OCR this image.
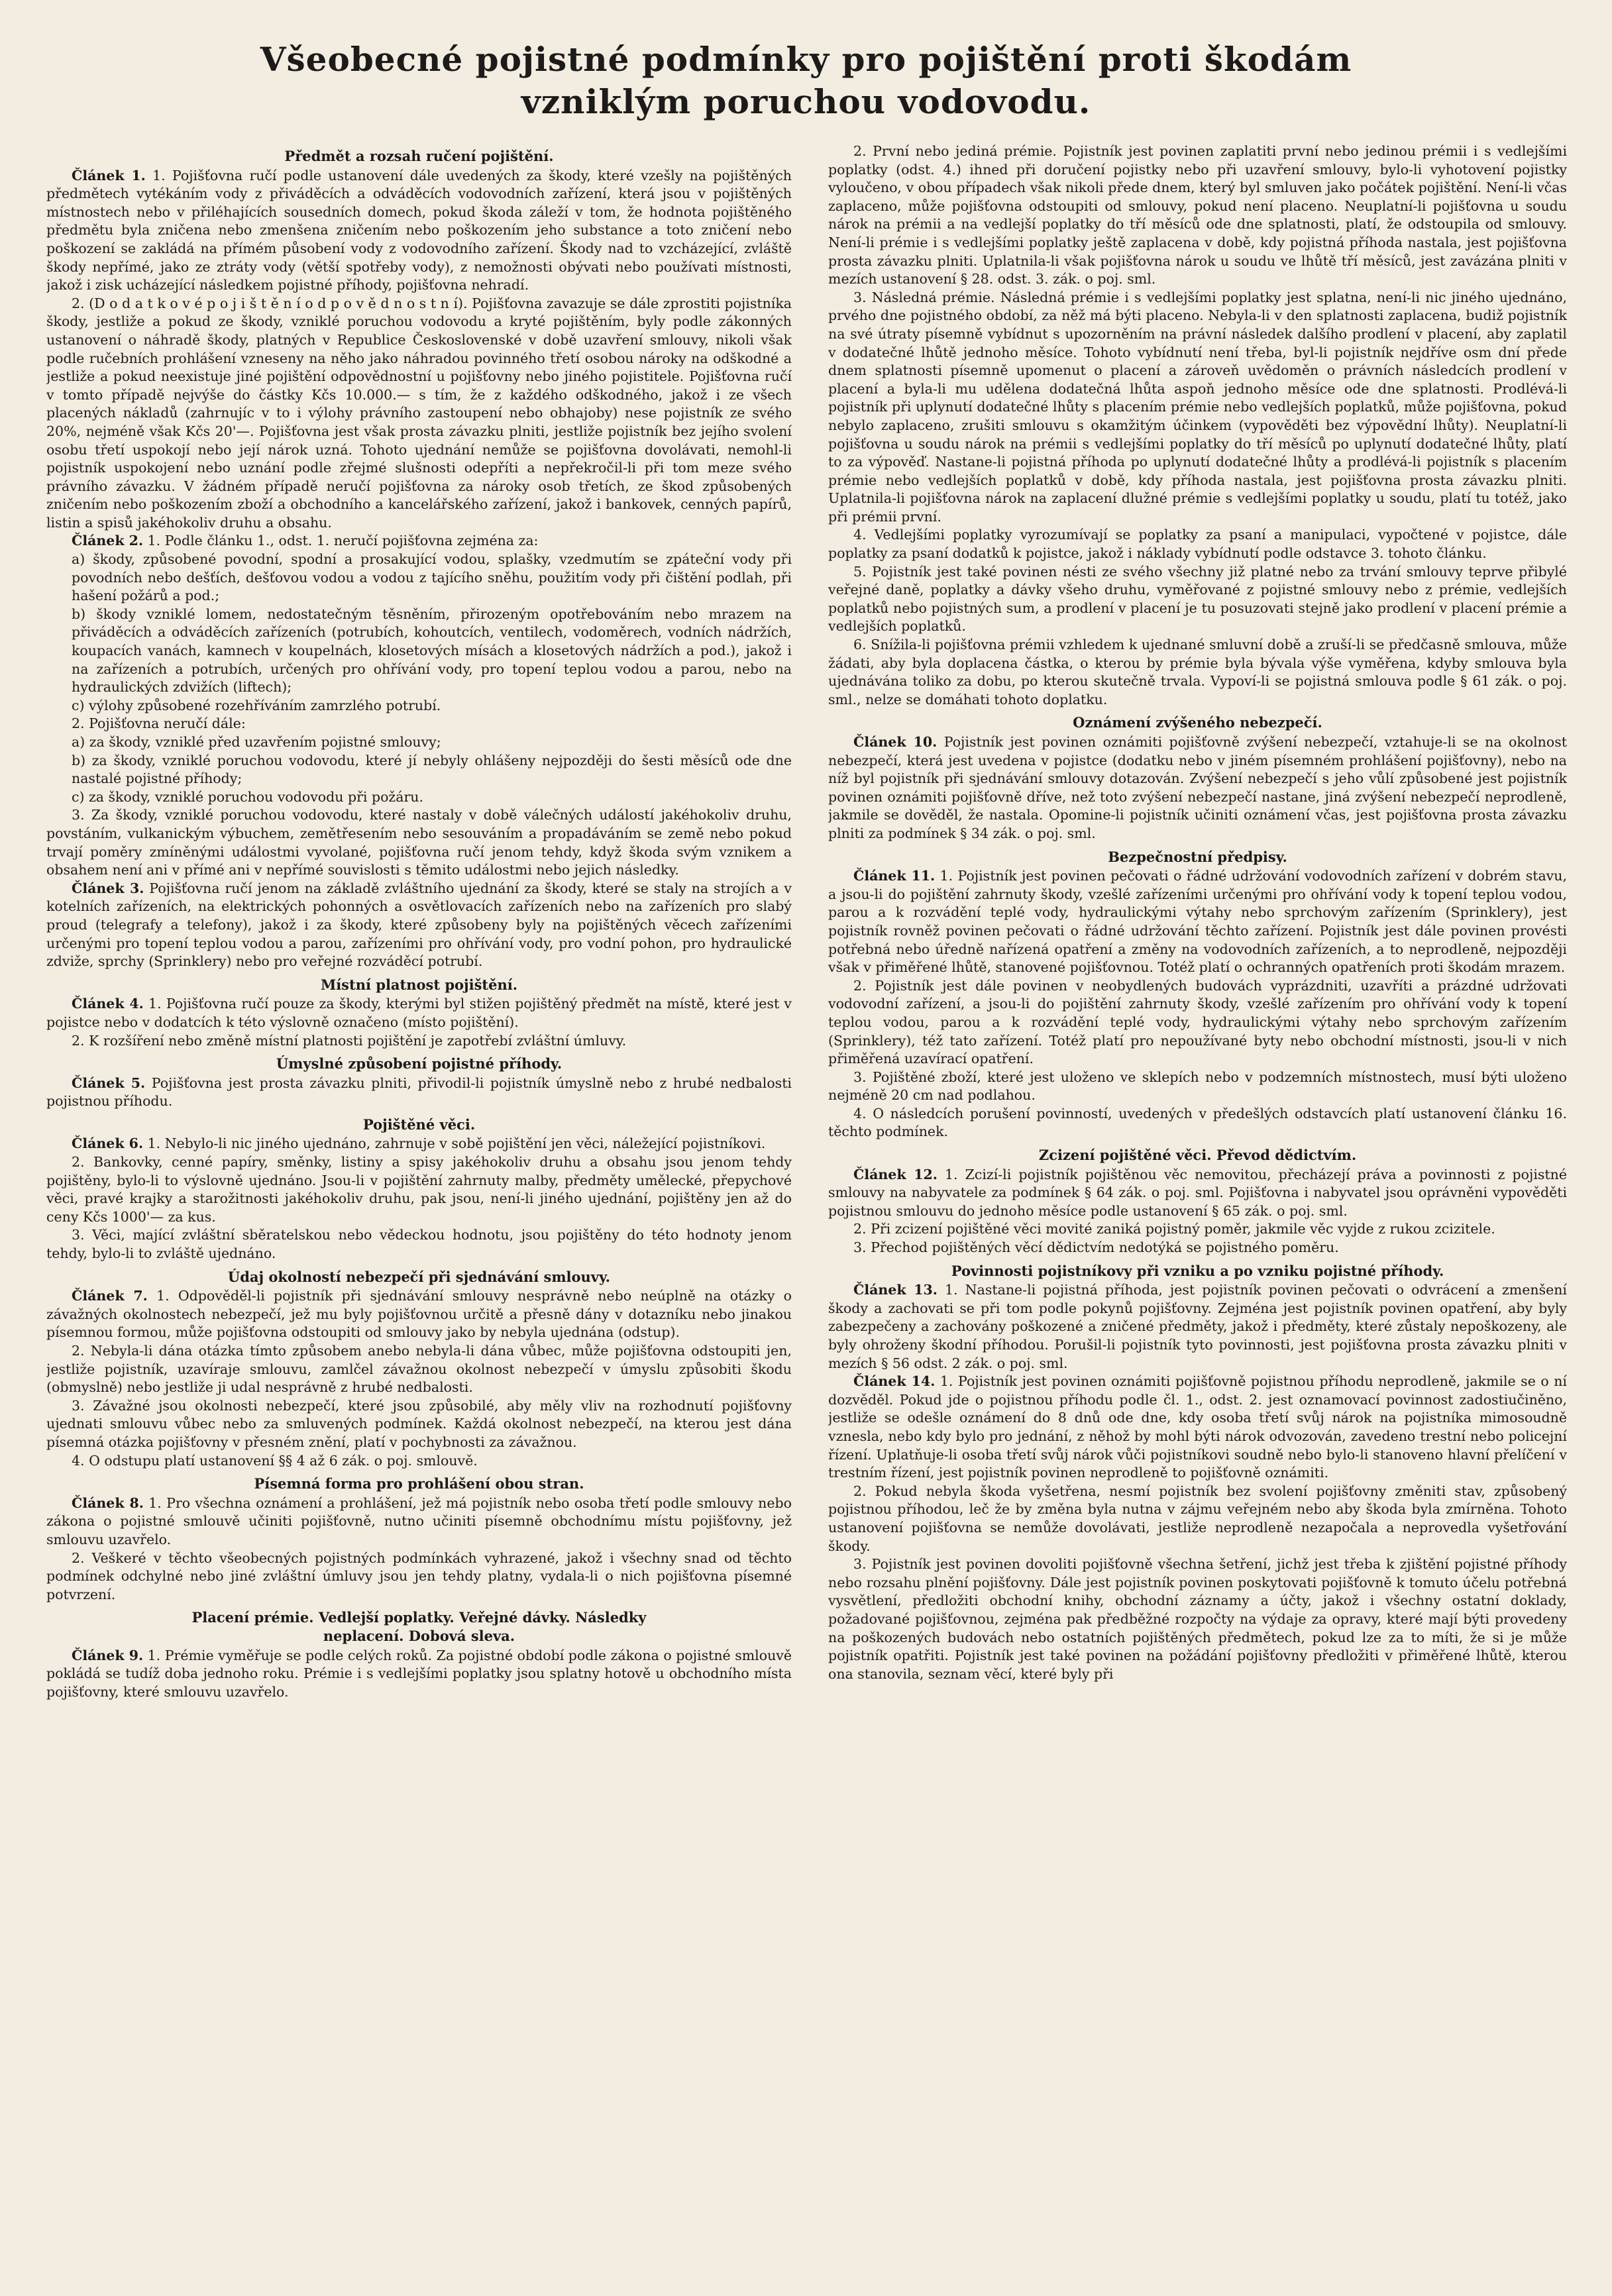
Všeobecné pojistné podmínky pro pojištění proti škodám
vzniklým poruchou vodovodu.
Předmět a rozsah ručení pojištění.

Článek 1. 1. Pojišťovna ručí podle ustanovení dále uvedených za škody, které vzešly na pojištěných předmětech vytékáním vody z přiváděcích a odváděcích vodovodních zařízení, která jsou v pojištěných místnostech nebo v přiléhajících sousedních domech, pokud škoda záleží v tom, že hodnota pojištěného předmětu byla zničena nebo zmenšena zničením nebo poškozením jeho substance a toto zničení nebo poškození se zakládá na přímém působení vody z vodovodního zařízení. Škody nad to vzcházející, zvláště škody nepřímé, jako ze ztráty vody (větší spotřeby vody), z nemožnosti obývati nebo používati místnosti, jakož i zisk ucházející následkem pojistné příhody, pojišťovna nehradí.

2. (D o d a t k o v é p o j i š t ě n í o d p o v ě d n o s t n í). Pojišťovna zavazuje se dále zprostiti pojistníka škody, jestliže a pokud ze škody, vzniklé poruchou vodovodu a kryté pojištěním, byly podle zákonných ustanovení o náhradě škody, platných v Republice Československé v době uzavření smlouvy, nikoli však podle ručebních prohlášení vzneseny na něho jako náhradou povinného třetí osobou nároky na odškodné a jestliže a pokud neexistuje jiné pojištění odpovědnostní u pojišťovny nebo jiného pojistitele. Pojišťovna ručí v tomto případě nejvýše do částky Kčs 10.000.— s tím, že z každého odškodného, jakož i ze všech placených nákladů (zahrnujíc v to i výlohy právního zastoupení nebo obhajoby) nese pojistník ze svého 20%, nejméně však Kčs 20'—. Pojišťovna jest však prosta závazku plniti, jestliže pojistník bez jejího svolení osobu třetí uspokojí nebo její nárok uzná. Tohoto ujednání nemůže se pojišťovna dovolávati, nemohl-li pojistník uspokojení nebo uznání podle zřejmé slušnosti odepříti a nepřekročil-li při tom meze svého právního závazku. V žádném případě neručí pojišťovna za nároky osob třetích, ze škod způsobených zničením nebo poškozením zboží a obchodního a kancelářského zařízení, jakož i bankovek, cenných papírů, listin a spisů jakéhokoliv druhu a obsahu.

Článek 2. 1. Podle článku 1., odst. 1. neručí pojišťovna zejména za:

a) škody, způsobené povodní, spodní a prosakující vodou, splašky, vzedmutím se zpáteční vody při povodních nebo dešťích, dešťovou vodou a vodou z tajícího sněhu, použitím vody při čištění podlah, při hašení požárů a pod.;

b) škody vzniklé lomem, nedostatečným těsněním, přirozeným opotřebováním nebo mrazem na přiváděcích a odváděcích zařízeních (potrubích, kohoutcích, ventilech, vodoměrech, vodních nádržích, koupacích vanách, kamnech v koupelnách, klosetových mísách a klosetových nádržích a pod.), jakož i na zařízeních a potrubích, určených pro ohřívání vody, pro topení teplou vodou a parou, nebo na hydraulických zdvižích (liftech);

c) výlohy způsobené rozehříváním zamrzlého potrubí.

2. Pojišťovna neručí dále:

a) za škody, vzniklé před uzavřením pojistné smlouvy;

b) za škody, vzniklé poruchou vodovodu, které jí nebyly ohlášeny nejpozději do šesti měsíců ode dne nastalé pojistné příhody;

c) za škody, vzniklé poruchou vodovodu při požáru.

3. Za škody, vzniklé poruchou vodovodu, které nastaly v době válečných událostí jakéhokoliv druhu, povstáním, vulkanickým výbuchem, zemětřesením nebo sesouváním a propadáváním se země nebo pokud trvají poměry zmíněnými událostmi vyvolané, pojišťovna ručí jenom tehdy, když škoda svým vznikem a obsahem není ani v přímé ani v nepřímé souvislosti s těmito událostmi nebo jejich následky.

Článek 3. Pojišťovna ručí jenom na základě zvláštního ujednání za škody, které se staly na strojích a v kotelních zařízeních, na elektrických pohonných a osvětlovacích zařízeních nebo na zařízeních pro slabý proud (telegrafy a telefony), jakož i za škody, které způsobeny byly na pojištěných věcech zařízeními určenými pro topení teplou vodou a parou, zařízeními pro ohřívání vody, pro vodní pohon, pro hydraulické zdviže, sprchy (Sprinklery) nebo pro veřejné rozváděcí potrubí.

Místní platnost pojištění.

Článek 4. 1. Pojišťovna ručí pouze za škody, kterými byl stižen pojištěný předmět na místě, které jest v pojistce nebo v dodatcích k této výslovně označeno (místo pojištění).

2. K rozšíření nebo změně místní platnosti pojištění je zapotřebí zvláštní úmluvy.

Úmyslné způsobení pojistné příhody.

Článek 5. Pojišťovna jest prosta závazku plniti, přivodil-li pojistník úmyslně nebo z hrubé nedbalosti pojistnou příhodu.

Pojištěné věci.

Článek 6. 1. Nebylo-li nic jiného ujednáno, zahrnuje v sobě pojištění jen věci, náležející pojistníkovi.

2. Bankovky, cenné papíry, směnky, listiny a spisy jakéhokoliv druhu a obsahu jsou jenom tehdy pojištěny, bylo-li to výslovně ujednáno. Jsou-li v pojištění zahrnuty malby, předměty umělecké, přepychové věci, pravé krajky a starožitnosti jakéhokoliv druhu, pak jsou, není-li jiného ujednání, pojištěny jen až do ceny Kčs 1000'— za kus.

3. Věci, mající zvláštní sběratelskou nebo vědeckou hodnotu, jsou pojištěny do této hodnoty jenom tehdy, bylo-li to zvláště ujednáno.

Údaj okolností nebezpečí při sjednávání smlouvy.

Článek 7. 1. Odpověděl-li pojistník při sjednávání smlouvy nesprávně nebo neúplně na otázky o závažných okolnostech nebezpečí, jež mu byly pojišťovnou určitě a přesně dány v dotazníku nebo jinakou písemnou formou, může pojišťovna odstoupiti od smlouvy jako by nebyla ujednána (odstup).

2. Nebyla-li dána otázka tímto způsobem anebo nebyla-li dána vůbec, může pojišťovna odstoupiti jen, jestliže pojistník, uzavíraje smlouvu, zamlčel závažnou okolnost nebezpečí v úmyslu způsobiti škodu (obmyslně) nebo jestliže ji udal nesprávně z hrubé nedbalosti.

3. Závažné jsou okolnosti nebezpečí, které jsou způsobilé, aby měly vliv na rozhodnutí pojišťovny ujednati smlouvu vůbec nebo za smluvených podmínek. Každá okolnost nebezpečí, na kterou jest dána písemná otázka pojišťovny v přesném znění, platí v pochybnosti za závažnou.

4. O odstupu platí ustanovení §§ 4 až 6 zák. o poj. smlouvě.

Písemná forma pro prohlášení obou stran.

Článek 8. 1. Pro všechna oznámení a prohlášení, jež má pojistník nebo osoba třetí podle smlouvy nebo zákona o pojistné smlouvě učiniti pojišťovně, nutno učiniti písemně obchodnímu místu pojišťovny, jež smlouvu uzavřelo.

2. Veškeré v těchto všeobecných pojistných podmínkách vyhrazené, jakož i všechny snad od těchto podmínek odchylné nebo jiné zvláštní úmluvy jsou jen tehdy platny, vydala-li o nich pojišťovna písemné potvrzení.

Placení prémie. Vedlejší poplatky. Veřejné dávky. Následky
neplacení. Dobová sleva.

Článek 9. 1. Prémie vyměřuje se podle celých roků. Za pojistné období podle zákona o pojistné smlouvě pokládá se tudíž doba jednoho roku. Prémie i s vedlejšími poplatky jsou splatny hotově u obchodního místa pojišťovny, které smlouvu uzavřelo.

2. První nebo jediná prémie. Pojistník jest povinen zaplatiti první nebo jedinou prémii i s vedlejšími poplatky (odst. 4.) ihned při doručení pojistky nebo při uzavření smlouvy, bylo-li vyhotovení pojistky vyloučeno, v obou případech však nikoli přede dnem, který byl smluven jako počátek pojištění. Není-li včas zaplaceno, může pojišťovna odstoupiti od smlouvy, pokud není placeno. Neuplatní-li pojišťovna u soudu nárok na prémii a na vedlejší poplatky do tří měsíců ode dne splatnosti, platí, že odstoupila od smlouvy. Není-li prémie i s vedlejšími poplatky ještě zaplacena v době, kdy pojistná příhoda nastala, jest pojišťovna prosta závazku plniti. Uplatnila-li však pojišťovna nárok u soudu ve lhůtě tří měsíců, jest zavázána plniti v mezích ustanovení § 28. odst. 3. zák. o poj. sml.

3. Následná prémie. Následná prémie i s vedlejšími poplatky jest splatna, není-li nic jiného ujednáno, prvého dne pojistného období, za něž má býti placeno. Nebyla-li v den splatnosti zaplacena, budiž pojistník na své útraty písemně vybídnut s upozorněním na právní následek dalšího prodlení v placení, aby zaplatil v dodatečné lhůtě jednoho měsíce. Tohoto vybídnutí není třeba, byl-li pojistník nejdříve osm dní přede dnem splatnosti písemně upomenut o placení a zároveň uvědoměn o právních následcích prodlení v placení a byla-li mu udělena dodatečná lhůta aspoň jednoho měsíce ode dne splatnosti. Prodlévá-li pojistník při uplynutí dodatečné lhůty s placením prémie nebo vedlejších poplatků, může pojišťovna, pokud nebylo zaplaceno, zrušiti smlouvu s okamžitým účinkem (vypověděti bez výpovědní lhůty). Neuplatní-li pojišťovna u soudu nárok na prémii s vedlejšími poplatky do tří měsíců po uplynutí dodatečné lhůty, platí to za výpověď. Nastane-li pojistná příhoda po uplynutí dodatečné lhůty a prodlévá-li pojistník s placením prémie nebo vedlejších poplatků v době, kdy příhoda nastala, jest pojišťovna prosta závazku plniti. Uplatnila-li pojišťovna nárok na zaplacení dlužné prémie s vedlejšími poplatky u soudu, platí tu totéž, jako při prémii první.

4. Vedlejšími poplatky vyrozumívají se poplatky za psaní a manipulaci, vypočtené v pojistce, dále poplatky za psaní dodatků k pojistce, jakož i náklady vybídnutí podle odstavce 3. tohoto článku.

5. Pojistník jest také povinen nésti ze svého všechny již platné nebo za trvání smlouvy teprve přibylé veřejné daně, poplatky a dávky všeho druhu, vyměřované z pojistné smlouvy nebo z prémie, vedlejších poplatků nebo pojistných sum, a prodlení v placení je tu posuzovati stejně jako prodlení v placení prémie a vedlejších poplatků.

6. Snížila-li pojišťovna prémii vzhledem k ujednané smluvní době a zruší-li se předčasně smlouva, může žádati, aby byla doplacena částka, o kterou by prémie byla bývala výše vyměřena, kdyby smlouva byla ujednávána toliko za dobu, po kterou skutečně trvala. Vypoví-li se pojistná smlouva podle § 61 zák. o poj. sml., nelze se domáhati tohoto doplatku.

Oznámení zvýšeného nebezpečí.

Článek 10. Pojistník jest povinen oznámiti pojišťovně zvýšení nebezpečí, vztahuje-li se na okolnost nebezpečí, která jest uvedena v pojistce (dodatku nebo v jiném písemném prohlášení pojišťovny), nebo na níž byl pojistník při sjednávání smlouvy dotazován. Zvýšení nebezpečí s jeho vůlí způsobené jest pojistník povinen oznámiti pojišťovně dříve, než toto zvýšení nebezpečí nastane, jiná zvýšení nebezpečí neprodleně, jakmile se dověděl, že nastala. Opomine-li pojistník učiniti oznámení včas, jest pojišťovna prosta závazku plniti za podmínek § 34 zák. o poj. sml.

Bezpečnostní předpisy.

Článek 11. 1. Pojistník jest povinen pečovati o řádné udržování vodovodních zařízení v dobrém stavu, a jsou-li do pojištění zahrnuty škody, vzešlé zařízeními určenými pro ohřívání vody k topení teplou vodou, parou a k rozvádění teplé vody, hydraulickými výtahy nebo sprchovým zařízením (Sprinklery), jest pojistník rovněž povinen pečovati o řádné udržování těchto zařízení. Pojistník jest dále povinen provésti potřebná nebo úředně nařízená opatření a změny na vodovodních zařízeních, a to neprodleně, nejpozději však v přiměřené lhůtě, stanovené pojišťovnou. Totéž platí o ochranných opatřeních proti škodám mrazem.

2. Pojistník jest dále povinen v neobydlených budovách vyprázdniti, uzavříti a prázdné udržovati vodovodní zařízení, a jsou-li do pojištění zahrnuty škody, vzešlé zařízením pro ohřívání vody k topení teplou vodou, parou a k rozvádění teplé vody, hydraulickými výtahy nebo sprchovým zařízením (Sprinklery), též tato zařízení. Totéž platí pro nepoužívané byty nebo obchodní místnosti, jsou-li v nich přiměřená uzavírací opatření.

3. Pojištěné zboží, které jest uloženo ve sklepích nebo v podzemních místnostech, musí býti uloženo nejméně 20 cm nad podlahou.

4. O následcích porušení povinností, uvedených v předešlých odstavcích platí ustanovení článku 16. těchto podmínek.

Zcizení pojištěné věci. Převod dědictvím.

Článek 12. 1. Zcizí-li pojistník pojištěnou věc nemovitou, přecházejí práva a povinnosti z pojistné smlouvy na nabyvatele za podmínek § 64 zák. o poj. sml. Pojišťovna i nabyvatel jsou oprávněni vypověděti pojistnou smlouvu do jednoho měsíce podle ustanovení § 65 zák. o poj. sml.

2. Při zcizení pojištěné věci movité zaniká pojistný poměr, jakmile věc vyjde z rukou zcizitele.

3. Přechod pojištěných věcí dědictvím nedotýká se pojistného poměru.

Povinnosti pojistníkovy při vzniku a po vzniku pojistné příhody.

Článek 13. 1. Nastane-li pojistná příhoda, jest pojistník povinen pečovati o odvrácení a zmenšení škody a zachovati se při tom podle pokynů pojišťovny. Zejména jest pojistník povinen opatření, aby byly zabezpečeny a zachovány poškozené a zničené předměty, jakož i předměty, které zůstaly nepoškozeny, ale byly ohroženy škodní příhodou. Porušil-li pojistník tyto povinnosti, jest pojišťovna prosta závazku plniti v mezích § 56 odst. 2 zák. o poj. sml.

Článek 14. 1. Pojistník jest povinen oznámiti pojišťovně pojistnou příhodu neprodleně, jakmile se o ní dozvěděl. Pokud jde o pojistnou příhodu podle čl. 1., odst. 2. jest oznamovací povinnost zadostiučiněno, jestliže se odešle oznámení do 8 dnů ode dne, kdy osoba třetí svůj nárok na pojistníka mimosoudně vznesla, nebo kdy bylo pro jednání, z něhož by mohl býti nárok odvozován, zavedeno trestní nebo policejní řízení. Uplatňuje-li osoba třetí svůj nárok vůči pojistníkovi soudně nebo bylo-li stanoveno hlavní přelíčení v trestním řízení, jest pojistník povinen neprodleně to pojišťovně oznámiti.

2. Pokud nebyla škoda vyšetřena, nesmí pojistník bez svolení pojišťovny změniti stav, způsobený pojistnou příhodou, leč že by změna byla nutna v zájmu veřejném nebo aby škoda byla zmírněna. Tohoto ustanovení pojišťovna se nemůže dovolávati, jestliže neprodleně nezapočala a neprovedla vyšetřování škody.

3. Pojistník jest povinen dovoliti pojišťovně všechna šetření, jichž jest třeba k zjištění pojistné příhody nebo rozsahu plnění pojišťovny. Dále jest pojistník povinen poskytovati pojišťovně k tomuto účelu potřebná vysvětlení, předložiti obchodní knihy, obchodní záznamy a účty, jakož i všechny ostatní doklady, požadované pojišťovnou, zejména pak předběžné rozpočty na výdaje za opravy, které mají býti provedeny na poškozených budovách nebo ostatních pojištěných předmětech, pokud lze za to míti, že si je může pojistník opatřiti. Pojistník jest také povinen na požádání pojišťovny předložiti v přiměřené lhůtě, kterou ona stanovila, seznam věcí, které byly při
